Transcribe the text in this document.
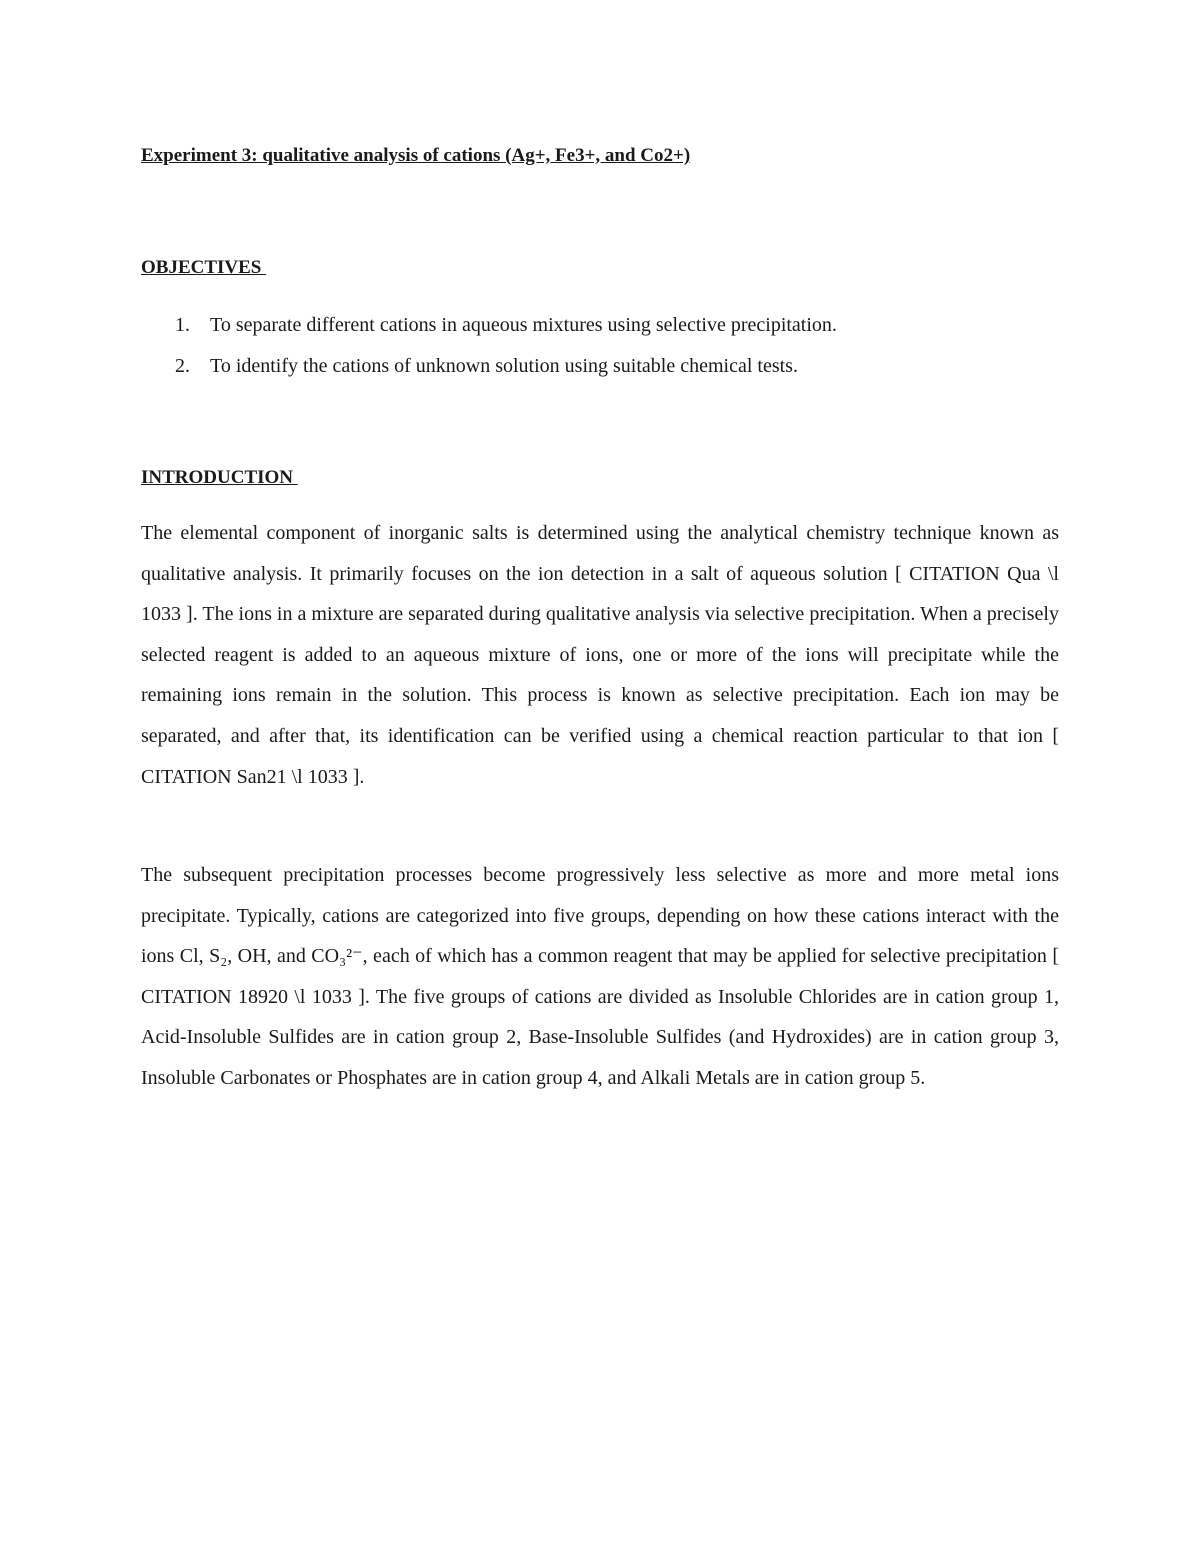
Experiment 3: qualitative analysis of cations (Ag+, Fe3+, and Co2+)
OBJECTIVES
1.	To separate different cations in aqueous mixtures using selective precipitation.
2.	To identify the cations of unknown solution using suitable chemical tests.
INTRODUCTION

The elemental component of inorganic salts is determined using the analytical chemistry technique known as qualitative analysis. It primarily focuses on the ion detection in a salt of aqueous solution [ CITATION Qua \l 1033 ]. The ions in a mixture are separated during qualitative analysis via selective precipitation. When a precisely selected reagent is added to an aqueous mixture of ions, one or more of the ions will precipitate while the remaining ions remain in the solution. This process is known as selective precipitation. Each ion may be separated, and after that, its identification can be verified using a chemical reaction particular to that ion [ CITATION San21 \l 1033 ].

The subsequent precipitation processes become progressively less selective as more and more metal ions precipitate. Typically, cations are categorized into five groups, depending on how these cations interact with the ions Cl, S₂, OH, and CO₃²⁻, each of which has a common reagent that may be applied for selective precipitation [ CITATION 18920 \l 1033 ]. The five groups of cations are divided as Insoluble Chlorides are in cation group 1, Acid-Insoluble Sulfides are in cation group 2, Base-Insoluble Sulfides (and Hydroxides) are in cation group 3, Insoluble Carbonates or Phosphates are in cation group 4, and Alkali Metals are in cation group 5.
